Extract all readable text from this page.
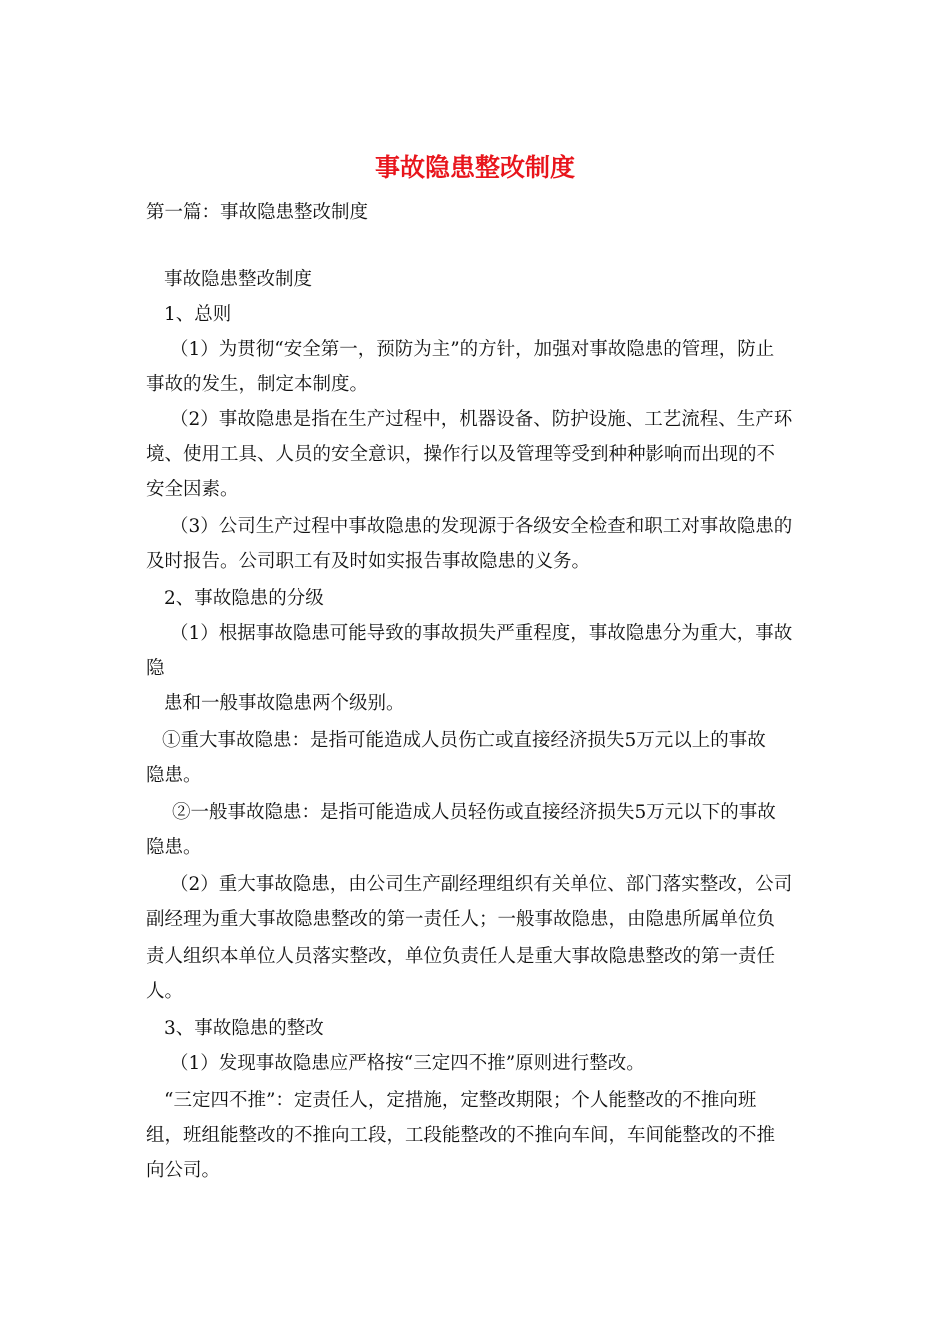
事故隐患整改制度

第一篇：事故隐患整改制度

事故隐患整改制度

1、总则

（1）为贯彻“安全第一，预防为主”的方针，加强对事故隐患的管理，防止

事故的发生，制定本制度。

（2）事故隐患是指在生产过程中，机器设备、防护设施、工艺流程、生产环

境、使用工具、人员的安全意识，操作行以及管理等受到种种影响而出现的不

安全因素。

（3）公司生产过程中事故隐患的发现源于各级安全检查和职工对事故隐患的

及时报告。公司职工有及时如实报告事故隐患的义务。

2、事故隐患的分级

（1）根据事故隐患可能导致的事故损失严重程度，事故隐患分为重大，事故

隐

患和一般事故隐患两个级别。

①重大事故隐患：是指可能造成人员伤亡或直接经济损失5万元以上的事故

隐患。

②一般事故隐患：是指可能造成人员轻伤或直接经济损失5万元以下的事故

隐患。

（2）重大事故隐患，由公司生产副经理组织有关单位、部门落实整改，公司

副经理为重大事故隐患整改的第一责任人；一般事故隐患，由隐患所属单位负

责人组织本单位人员落实整改，单位负责任人是重大事故隐患整改的第一责任

人。

3、事故隐患的整改

（1）发现事故隐患应严格按“三定四不推”原则进行整改。

“三定四不推”：定责任人，定措施，定整改期限；个人能整改的不推向班

组，班组能整改的不推向工段，工段能整改的不推向车间，车间能整改的不推

向公司。
